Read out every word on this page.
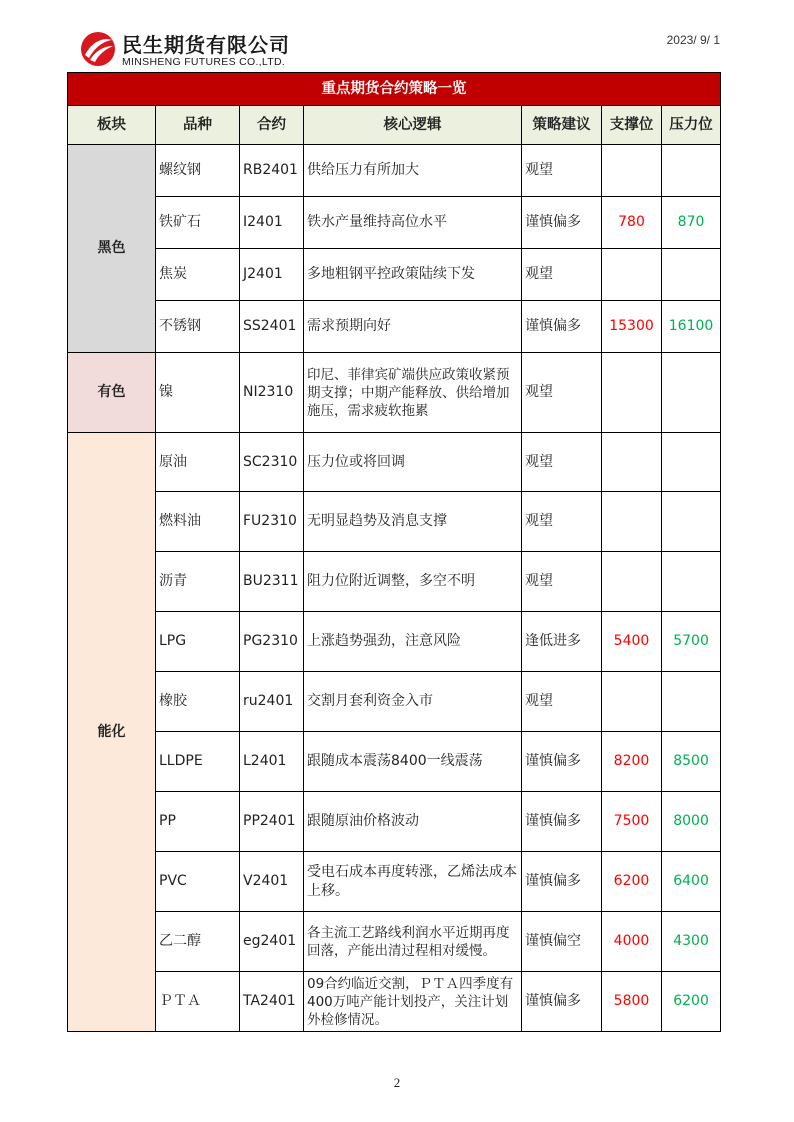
民生期货有限公司
MINSHENG FUTURES CO.,LTD.
2023/ 9/ 1
重点期货合约策略一览						
板块	品种	合约	核心逻辑	策略建议	支撑位	压力位
黑色	螺纹钢	RB2401	供给压力有所加大	观望		
	铁矿石	I2401	铁水产量维持高位水平	谨慎偏多	780	870
	焦炭	J2401	多地粗钢平控政策陆续下发	观望		
	不锈钢	SS2401	需求预期向好	谨慎偏多	15300	16100
有色	镍	NI2310	印尼、菲律宾矿端供应政策收紧预期支撑；中期产能释放、供给增加施压，需求疲软拖累	观望		
能化	原油	SC2310	压力位或将回调	观望		
	燃料油	FU2310	无明显趋势及消息支撑	观望		
	沥青	BU2311	阻力位附近调整，多空不明	观望		
	LPG	PG2310	上涨趋势强劲，注意风险	逢低进多	5400	5700
	橡胶	ru2401	交割月套利资金入市	观望		
	LLDPE	L2401	跟随成本震荡8400一线震荡	谨慎偏多	8200	8500
	PP	PP2401	跟随原油价格波动	谨慎偏多	7500	8000
	PVC	V2401	受电石成本再度转涨，乙烯法成本上移。	谨慎偏多	6200	6400
	乙二醇	eg2401	各主流工艺路线利润水平近期再度回落，产能出清过程相对缓慢。	谨慎偏空	4000	4300
	ＰＴＡ	TA2401	09合约临近交割，ＰＴＡ四季度有400万吨产能计划投产，关注计划外检修情况。	谨慎偏多	5800	6200
2
